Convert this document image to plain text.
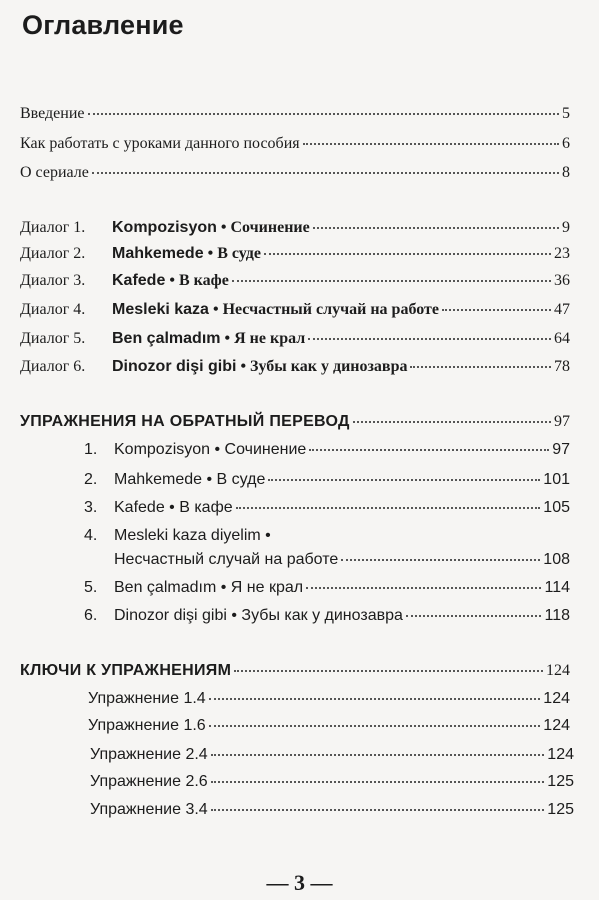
Оглавление
Введение	5
Как работать с уроками данного пособия	6
О сериале	8
Диалог 1.	Kompozisyon • Сочинение	9
Диалог 2.	Mahkemede • В суде	23
Диалог 3.	Kafede • В кафе	36
Диалог 4.	Mesleki kaza • Несчастный случай на работе	47
Диалог 5.	Ben çalmadım • Я не крал	64
Диалог 6.	Dinozor dişi gibi • Зубы как у динозавра	78
УПРАЖНЕНИЯ НА ОБРАТНЫЙ ПЕРЕВОД	97
1.	Kompozisyon • Сочинение	97
2.	Mahkemede • В суде	101
3.	Kafede • В кафе	105
4.	Mesleki kaza diyelim •
Несчастный случай на работе	108
5.	Ben çalmadım • Я не крал	114
6.	Dinozor dişi gibi • Зубы как у динозавра	118
КЛЮЧИ К УПРАЖНЕНИЯМ	124
Упражнение 1.4	124
Упражнение 1.6	124
Упражнение 2.4	124
Упражнение 2.6	125
Упражнение 3.4	125
— 3 —
